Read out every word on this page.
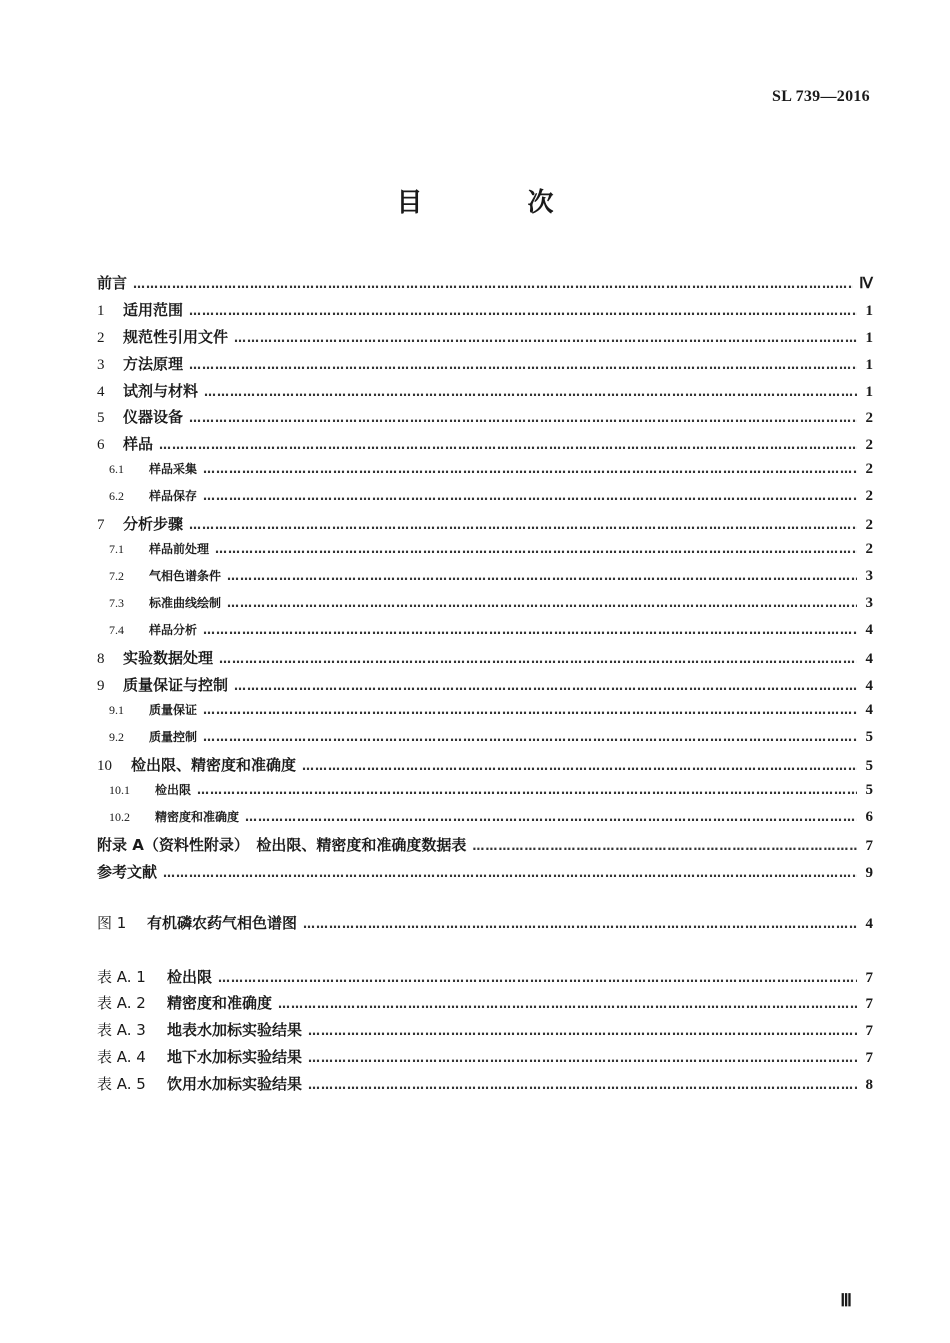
SL 739—2016
目 次
前言 ………………………………………………………………………………………………………………………………………………………………………………………………………………………	Ⅳ
1	适用范围 ………………………………………………………………………………………………………………………………………………………………………………………………………………………	1
2	规范性引用文件 ………………………………………………………………………………………………………………………………………………………………………………………………………………………	1
3	方法原理 ………………………………………………………………………………………………………………………………………………………………………………………………………………………	1
4	试剂与材料 ………………………………………………………………………………………………………………………………………………………………………………………………………………………	1
5	仪器设备 ………………………………………………………………………………………………………………………………………………………………………………………………………………………	2
6	样品 ………………………………………………………………………………………………………………………………………………………………………………………………………………………	2
6.1	样品采集 ………………………………………………………………………………………………………………………………………………………………………………………………………………………	2
6.2	样品保存 ………………………………………………………………………………………………………………………………………………………………………………………………………………………	2
7	分析步骤 ………………………………………………………………………………………………………………………………………………………………………………………………………………………	2
7.1	样品前处理 ………………………………………………………………………………………………………………………………………………………………………………………………………………………	2
7.2	气相色谱条件 ………………………………………………………………………………………………………………………………………………………………………………………………………………………	3
7.3	标准曲线绘制 ………………………………………………………………………………………………………………………………………………………………………………………………………………………	3
7.4	样品分析 ………………………………………………………………………………………………………………………………………………………………………………………………………………………	4
8	实验数据处理 ………………………………………………………………………………………………………………………………………………………………………………………………………………………	4
9	质量保证与控制 ………………………………………………………………………………………………………………………………………………………………………………………………………………………	4
9.1	质量保证 ………………………………………………………………………………………………………………………………………………………………………………………………………………………	4
9.2	质量控制 ………………………………………………………………………………………………………………………………………………………………………………………………………………………	5
10	检出限、精密度和准确度 ………………………………………………………………………………………………………………………………………………………………………………………………………………………	5
10.1	检出限 ………………………………………………………………………………………………………………………………………………………………………………………………………………………	5
10.2	精密度和准确度 ………………………………………………………………………………………………………………………………………………………………………………………………………………………	6
附录 A（资料性附录）　检出限、精密度和准确度数据表 ………………………………………………………………………………………………………………………………………………………………………………………………………………………	7
参考文献 ………………………………………………………………………………………………………………………………………………………………………………………………………………………	9
图 1	有机磷农药气相色谱图 ………………………………………………………………………………………………………………………………………………………………………………………………………………………	4
表 A. 1	检出限 ………………………………………………………………………………………………………………………………………………………………………………………………………………………	7
表 A. 2	精密度和准确度 ………………………………………………………………………………………………………………………………………………………………………………………………………………………	7
表 A. 3	地表水加标实验结果 ………………………………………………………………………………………………………………………………………………………………………………………………………………………	7
表 A. 4	地下水加标实验结果 ………………………………………………………………………………………………………………………………………………………………………………………………………………………	7
表 A. 5	饮用水加标实验结果 ………………………………………………………………………………………………………………………………………………………………………………………………………………………	8
Ⅲ
